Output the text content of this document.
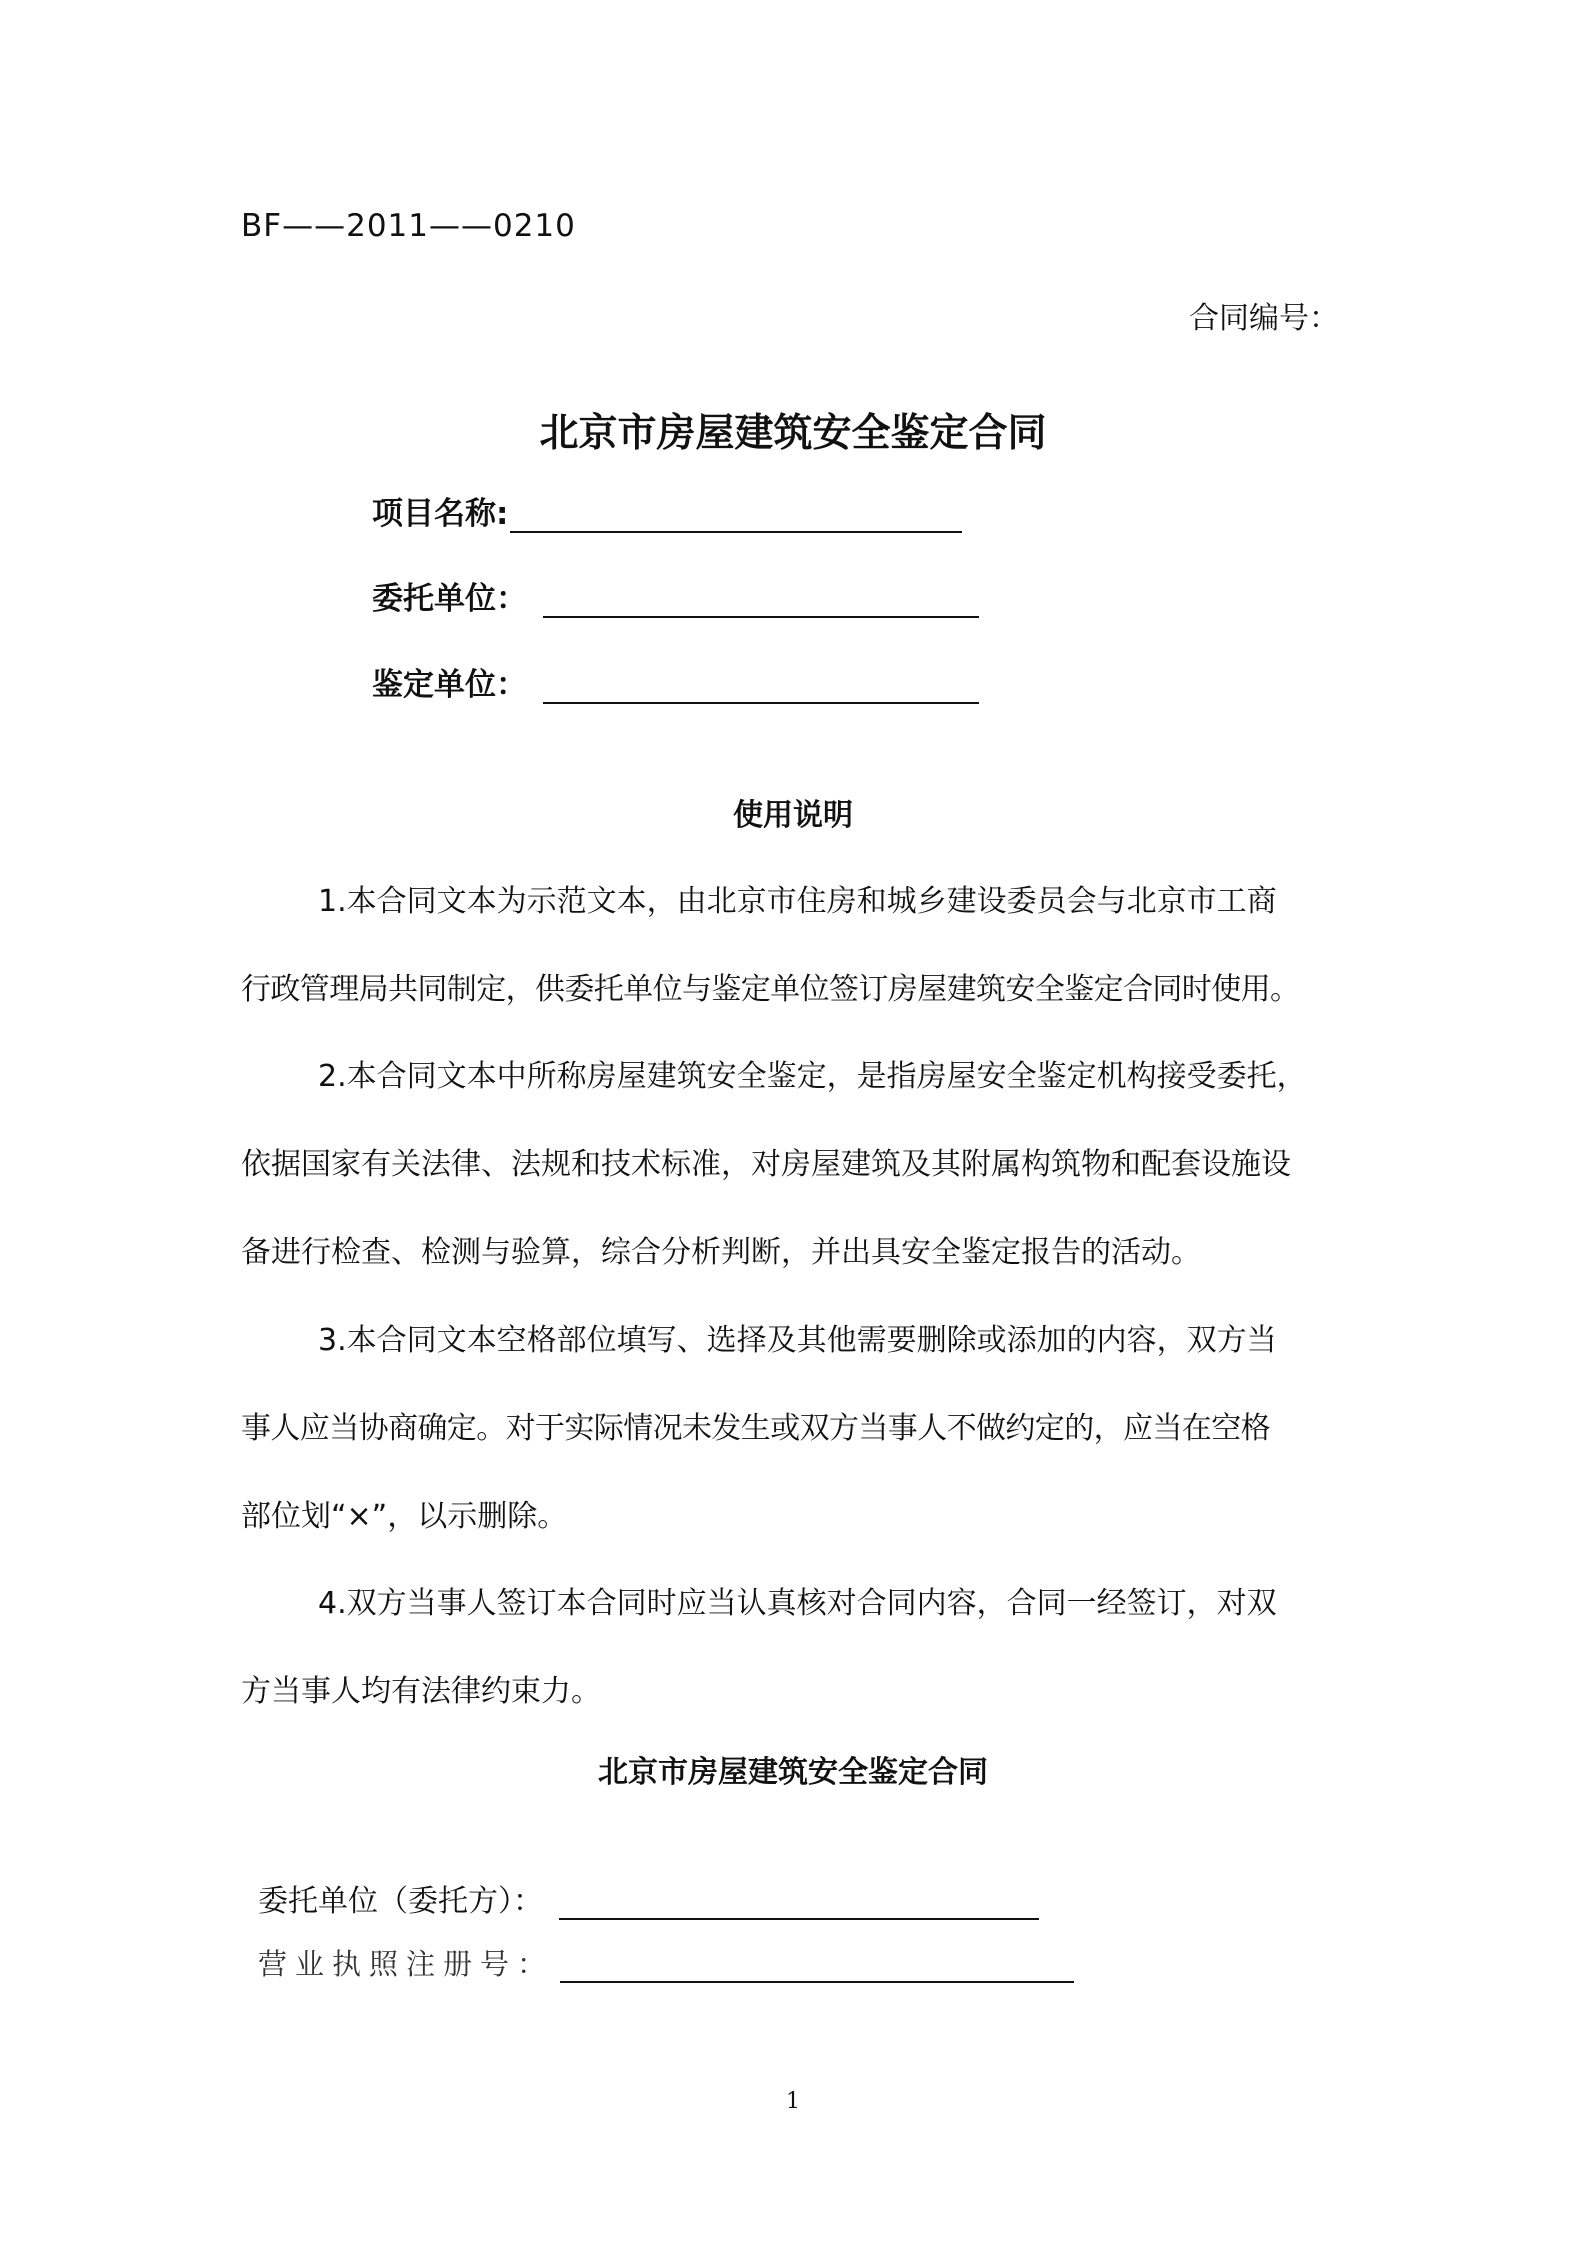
BF——2011——0210
合同编号：
北京市房屋建筑安全鉴定合同
项目名称:
委托单位：
鉴定单位：
使用说明
1.本合同文本为示范文本，由北京市住房和城乡建设委员会与北京市工商
行政管理局共同制定，供委托单位与鉴定单位签订房屋建筑安全鉴定合同时使用。
2.本合同文本中所称房屋建筑安全鉴定，是指房屋安全鉴定机构接受委托，
依据国家有关法律、法规和技术标准，对房屋建筑及其附属构筑物和配套设施设
备进行检查、检测与验算，综合分析判断，并出具安全鉴定报告的活动。
3.本合同文本空格部位填写、选择及其他需要删除或添加的内容，双方当
事人应当协商确定。对于实际情况未发生或双方当事人不做约定的，应当在空格
部位划“×”，以示删除。
4.双方当事人签订本合同时应当认真核对合同内容，合同一经签订，对双
方当事人均有法律约束力。
北京市房屋建筑安全鉴定合同
委托单位（委托方）：
营业执照注册号：
1
